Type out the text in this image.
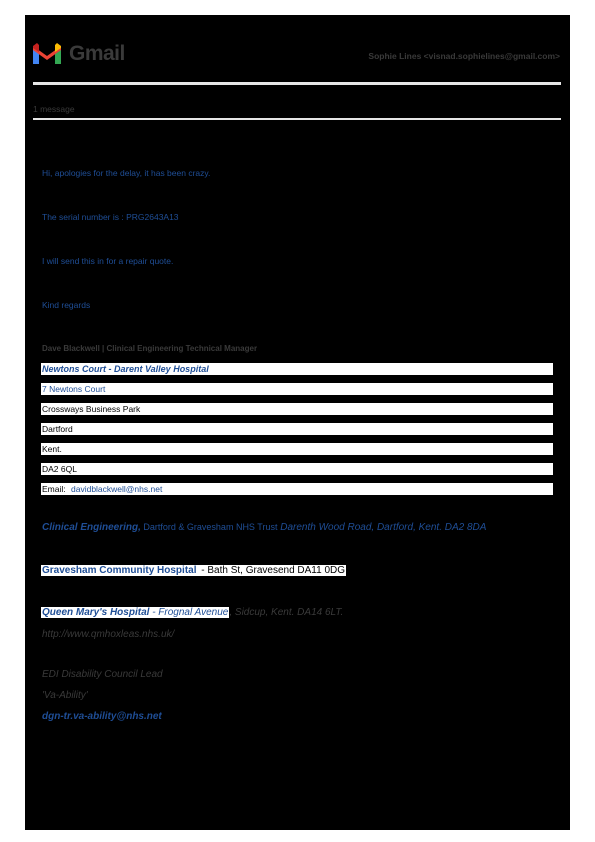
Gmail	Sophie Lines <visnad.sophielines@gmail.com>
1 message
Hi, apologies for the delay, it has been crazy.
The serial number is : PRG2643A13
I will send this in for a repair quote.
Kind regards
Dave Blackwell | Clinical Engineering Technical Manager
Newtons Court - Darent Valley Hospital
7 Newtons Court
Crossways Business Park
Dartford
Kent.
DA2 6QL
Email: davidblackwell@nhs.net
Clinical Engineering, Dartford & Gravesham NHS Trust Darenth Wood Road, Dartford, Kent. DA2 8DA
Gravesham Community Hospital - Bath St, Gravesend DA11 0DG
Queen Mary's Hospital - Frognal Avenue, Sidcup, Kent. DA14 6LT.
http://www.qmhoxleas.nhs.uk/
EDI Disability Council Lead
'Va-Ability'
dgn-tr.va-ability@nhs.net
